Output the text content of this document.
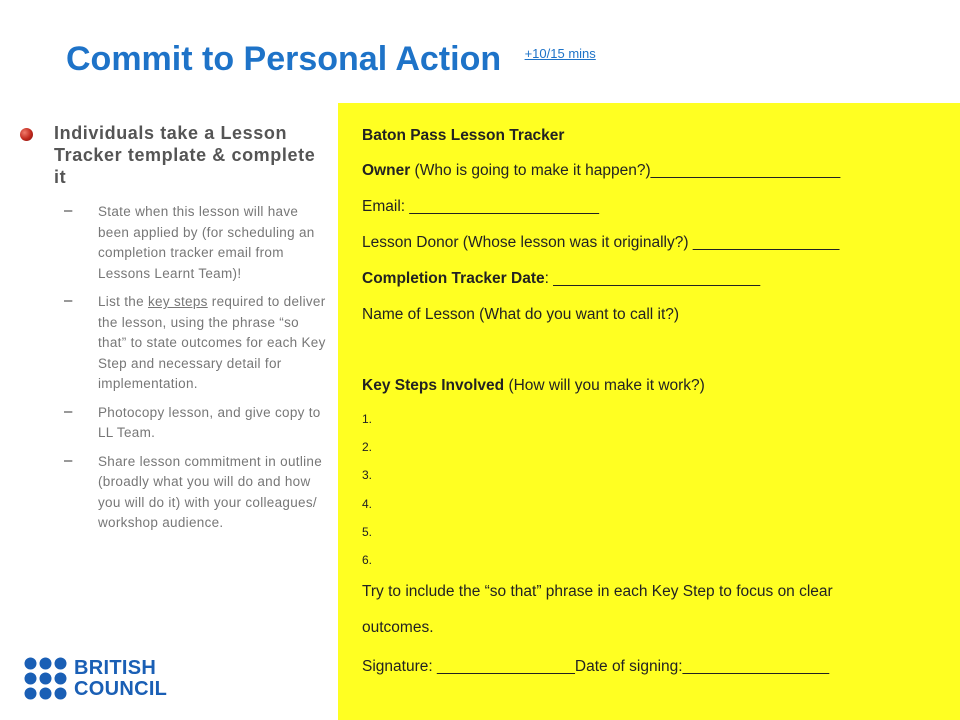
Commit to Personal Action $^{+10/15 mins}$
Individuals take a Lesson Tracker template & complete it
– State when this lesson will have been applied by (for scheduling an completion tracker email from Lessons Learnt Team)!
– List the key steps required to deliver the lesson, using the phrase “so that” to state outcomes for each Key Step and necessary detail for implementation.
– Photocopy lesson, and give copy to LL Team.
– Share lesson commitment in outline (broadly what you will do and how you will do it) with your colleagues/ workshop audience.
Baton Pass Lesson Tracker
Owner (Who is going to make it happen?)______________________
Email: ______________________
Lesson Donor (Whose lesson was it originally?) _________________
Completion Tracker Date: ________________________
Name of Lesson (What do you want to call it?)
Key Steps Involved (How will you make it work?)
1.
2.
3.
4.
5.
6.
Try to include the “so that” phrase in each Key Step to focus on clear
outcomes.
Signature: ________________Date of signing:_________________
BRITISH
COUNCIL
